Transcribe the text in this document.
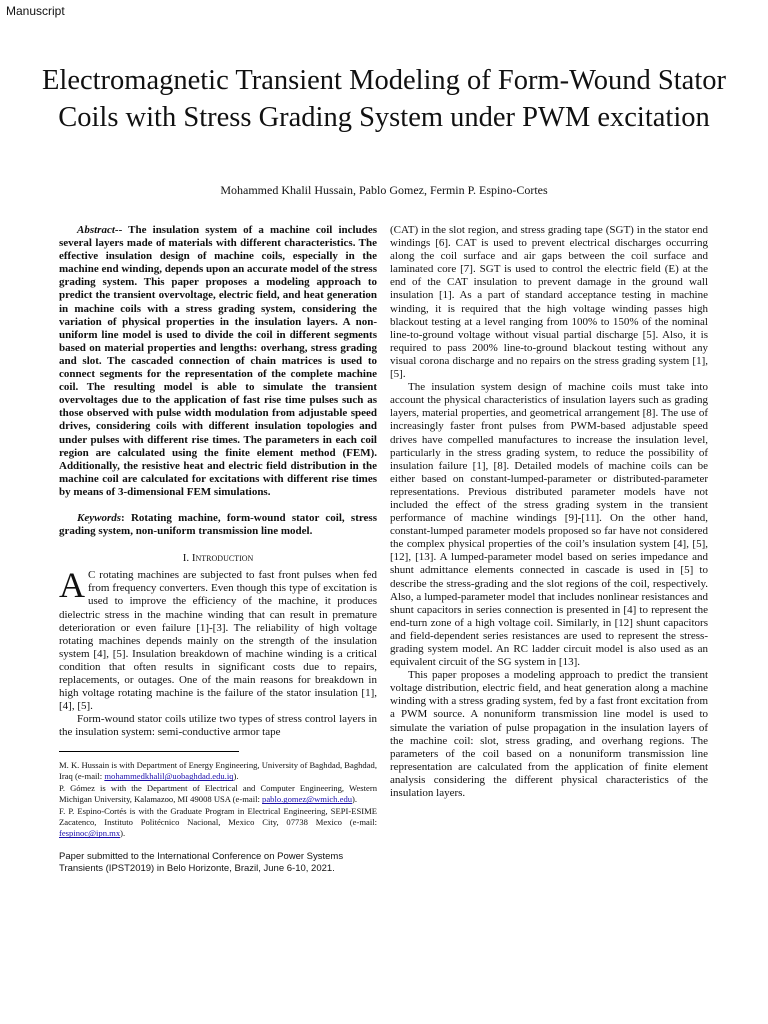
Manuscript
Electromagnetic Transient Modeling of Form-Wound Stator Coils with Stress Grading System under PWM excitation
Mohammed Khalil Hussain, Pablo Gomez, Fermin P. Espino-Cortes

Abstract-- The insulation system of a machine coil includes several layers made of materials with different characteristics. The effective insulation design of machine coils, especially in the machine end winding, depends upon an accurate model of the stress grading system. This paper proposes a modeling approach to predict the transient overvoltage, electric field, and heat generation in machine coils with a stress grading system, considering the variation of physical properties in the insulation layers. A non-uniform line model is used to divide the coil in different segments based on material properties and lengths: overhang, stress grading and slot. The cascaded connection of chain matrices is used to connect segments for the representation of the complete machine coil. The resulting model is able to simulate the transient overvoltages due to the application of fast rise time pulses such as those observed with pulse width modulation from adjustable speed drives, considering coils with different insulation topologies and under pulses with different rise times. The parameters in each coil region are calculated using the finite element method (FEM). Additionally, the resistive heat and electric field distribution in the machine coil are calculated for excitations with different rise times by means of 3-dimensional FEM simulations.

Keywords: Rotating machine, form-wound stator coil, stress grading system, non-uniform transmission line model.

I. Introduction

A C rotating machines are subjected to fast front pulses when fed from frequency converters. Even though this type of excitation is used to improve the efficiency of the machine, it produces dielectric stress in the machine winding that can result in premature deterioration or even failure [1]-[3]. The reliability of high voltage rotating machines depends mainly on the strength of the insulation system [4], [5]. Insulation breakdown of machine winding is a critical condition that often results in significant costs due to repairs, replacements, or outages. One of the main reasons for breakdown in high voltage rotating machine is the failure of the stator insulation [1], [4], [5].

Form-wound stator coils utilize two types of stress control layers in the insulation system: semi-conductive armor tape

M. K. Hussain is with Department of Energy Engineering, University of Baghdad, Baghdad, Iraq (e-mail: mohammedkhalil@uobaghdad.edu.iq).

P. Gómez is with the Department of Electrical and Computer Engineering, Western Michigan University, Kalamazoo, MI 49008 USA (e-mail: pablo.gomez@wmich.edu).

F. P. Espino-Cortés is with the Graduate Program in Electrical Engineering, SEPI-ESIME Zacatenco, Instituto Politécnico Nacional, Mexico City, 07738 Mexico (e-mail: fespinoc@ipn.mx).

Paper submitted to the International Conference on Power Systems Transients (IPST2019) in Belo Horizonte, Brazil, June 6-10, 2021.

(CAT) in the slot region, and stress grading tape (SGT) in the stator end windings [6]. CAT is used to prevent electrical discharges occurring along the coil surface and air gaps between the coil surface and laminated core [7]. SGT is used to control the electric field (E) at the end of the CAT insulation to prevent damage in the ground wall insulation [1]. As a part of standard acceptance testing in machine winding, it is required that the high voltage winding passes high blackout testing at a level ranging from 100% to 150% of the nominal line-to-ground voltage without visual partial discharge [5]. Also, it is required to pass 200% line-to-ground blackout testing without any visual corona discharge and no repairs on the stress grading system [1], [5].

The insulation system design of machine coils must take into account the physical characteristics of insulation layers such as grading layers, material properties, and geometrical arrangement [8]. The use of increasingly faster front pulses from PWM-based adjustable speed drives have compelled manufactures to increase the insulation level, particularly in the stress grading system, to reduce the possibility of insulation failure [1], [8]. Detailed models of machine coils can be either based on constant-lumped-parameter or distributed-parameter representations. Previous distributed parameter models have not included the effect of the stress grading system in the transient performance of machine windings [9]-[11]. On the other hand, constant-lumped parameter models proposed so far have not considered the complex physical properties of the coil’s insulation system [4], [5], [12], [13]. A lumped-parameter model based on series impedance and shunt admittance elements connected in cascade is used in [5] to describe the stress-grading and the slot regions of the coil, respectively. Also, a lumped-parameter model that includes nonlinear resistances and shunt capacitors in series connection is presented in [4] to represent the end-turn zone of a high voltage coil. Similarly, in [12] shunt capacitors and field-dependent series resistances are used to represent the stress-grading system model. An RC ladder circuit model is also used as an equivalent circuit of the SG system in [13].

This paper proposes a modeling approach to predict the transient voltage distribution, electric field, and heat generation along a machine winding with a stress grading system, fed by a fast front excitation from a PWM source. A nonuniform transmission line model is used to simulate the variation of pulse propagation in the insulation layers of the machine coil: slot, stress grading, and overhang regions. The parameters of the coil based on a nonuniform transmission line representation are calculated from the application of finite element analysis considering the different physical characteristics of the insulation layers.
